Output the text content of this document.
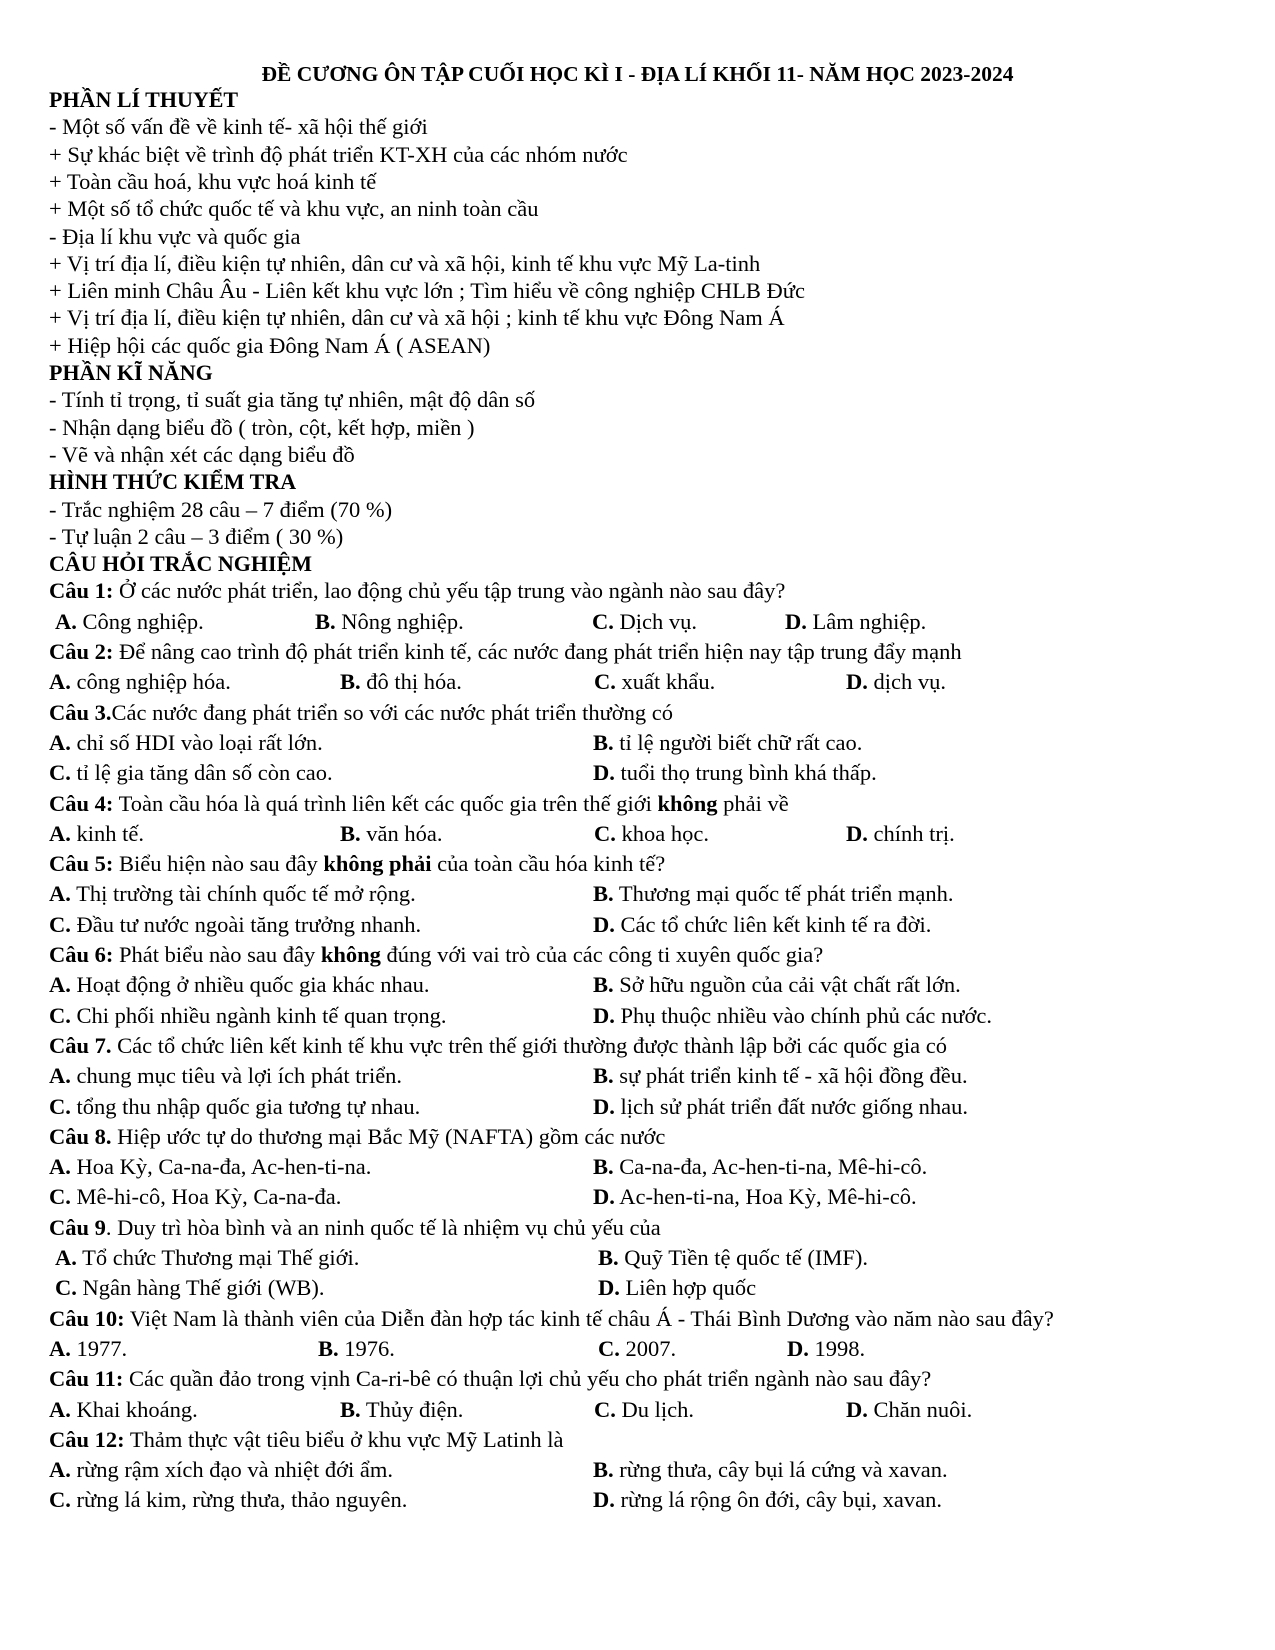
ĐỀ CƯƠNG ÔN TẬP CUỐI HỌC KÌ I - ĐỊA LÍ KHỐI 11- NĂM HỌC 2023-2024
PHẦN LÍ THUYẾT
- Một số vấn đề về kinh tế- xã hội thế giới
+ Sự khác biệt về trình độ phát triển KT-XH của các nhóm nước
+ Toàn cầu hoá, khu vực hoá kinh tế
+ Một số tổ chức quốc tế và khu vực, an ninh toàn cầu
- Địa lí khu vực và quốc gia
+ Vị trí địa lí, điều kiện tự nhiên, dân cư và xã hội, kinh tế khu vực Mỹ La-tinh
+ Liên minh Châu Âu - Liên kết khu vực lớn ; Tìm hiểu về công nghiệp CHLB Đức
+ Vị trí địa lí, điều kiện tự nhiên, dân cư và xã hội ; kinh tế khu vực Đông Nam Á
+ Hiệp hội các quốc gia Đông Nam Á ( ASEAN)
PHẦN KĨ NĂNG
- Tính tỉ trọng, tỉ suất gia tăng tự nhiên, mật độ dân số
- Nhận dạng biểu đồ ( tròn, cột, kết hợp, miền )
- Vẽ và nhận xét các dạng biểu đồ
HÌNH THỨC KIỂM TRA
- Trắc nghiệm 28 câu – 7 điểm (70 %)
- Tự luận 2 câu – 3 điểm ( 30 %)
CÂU HỎI TRẮC NGHIỆM
Câu 1: Ở các nước phát triển, lao động chủ yếu tập trung vào ngành nào sau đây?
A. Công nghiệp.	B. Nông nghiệp.	C. Dịch vụ.	D. Lâm nghiệp.
Câu 2: Để nâng cao trình độ phát triển kinh tế, các nước đang phát triển hiện nay tập trung đẩy mạnh
A. công nghiệp hóa.	B. đô thị hóa.	C. xuất khẩu.	D. dịch vụ.
Câu 3.Các nước đang phát triển so với các nước phát triển thường có
A. chỉ số HDI vào loại rất lớn.	B. tỉ lệ người biết chữ rất cao.
C. tỉ lệ gia tăng dân số còn cao.	D. tuổi thọ trung bình khá thấp.
Câu 4: Toàn cầu hóa là quá trình liên kết các quốc gia trên thế giới không phải về
A. kinh tế.	B. văn hóa.	C. khoa học.	D. chính trị.
Câu 5: Biểu hiện nào sau đây không phải của toàn cầu hóa kinh tế?
A. Thị trường tài chính quốc tế mở rộng.	B. Thương mại quốc tế phát triển mạnh.
C. Đầu tư nước ngoài tăng trưởng nhanh.	D. Các tổ chức liên kết kinh tế ra đời.
Câu 6: Phát biểu nào sau đây không đúng với vai trò của các công ti xuyên quốc gia?
A. Hoạt động ở nhiều quốc gia khác nhau.	B. Sở hữu nguồn của cải vật chất rất lớn.
C. Chi phối nhiều ngành kinh tế quan trọng.	D. Phụ thuộc nhiều vào chính phủ các nước.
Câu 7. Các tổ chức liên kết kinh tế khu vực trên thế giới thường được thành lập bởi các quốc gia có
A. chung mục tiêu và lợi ích phát triển.	B. sự phát triển kinh tế - xã hội đồng đều.
C. tổng thu nhập quốc gia tương tự nhau.	D. lịch sử phát triển đất nước giống nhau.
Câu 8. Hiệp ước tự do thương mại Bắc Mỹ (NAFTA) gồm các nước
A. Hoa Kỳ, Ca-na-đa, Ac-hen-ti-na.	B. Ca-na-đa, Ac-hen-ti-na, Mê-hi-cô.
C. Mê-hi-cô, Hoa Kỳ, Ca-na-đa.	D. Ac-hen-ti-na, Hoa Kỳ, Mê-hi-cô.
Câu 9. Duy trì hòa bình và an ninh quốc tế là nhiệm vụ chủ yếu của
A. Tổ chức Thương mại Thế giới.	B. Quỹ Tiền tệ quốc tế (IMF).
C. Ngân hàng Thế giới (WB).	D. Liên hợp quốc
Câu 10: Việt Nam là thành viên của Diễn đàn hợp tác kinh tế châu Á - Thái Bình Dương vào năm nào sau đây?
A. 1977.	B. 1976.	C. 2007.	D. 1998.
Câu 11: Các quần đảo trong vịnh Ca-ri-bê có thuận lợi chủ yếu cho phát triển ngành nào sau đây?
A. Khai khoáng.	B. Thủy điện.	C. Du lịch.	D. Chăn nuôi.
Câu 12: Thảm thực vật tiêu biểu ở khu vực Mỹ Latinh là
A. rừng rậm xích đạo và nhiệt đới ẩm.	B. rừng thưa, cây bụi lá cứng và xavan.
C. rừng lá kim, rừng thưa, thảo nguyên.	D. rừng lá rộng ôn đới, cây bụi, xavan.
